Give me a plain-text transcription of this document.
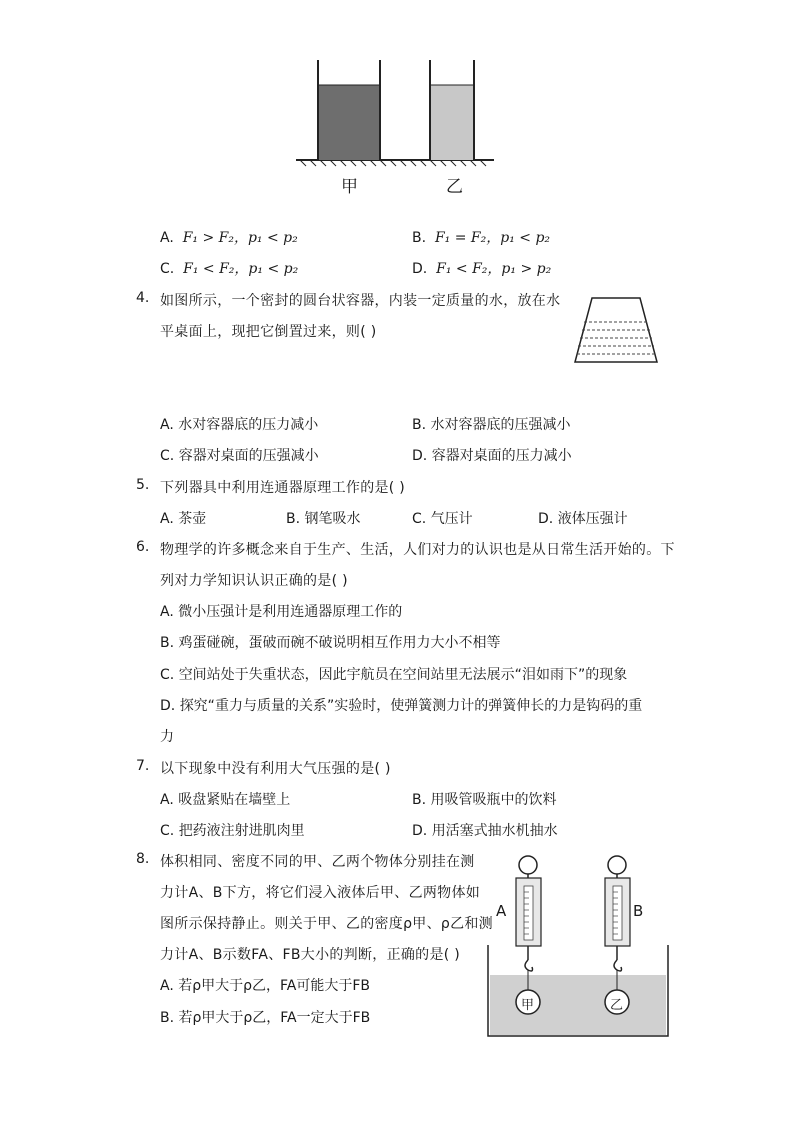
甲	乙
A. F₁ > F₂，p₁ < p₂	B. F₁ = F₂，p₁ < p₂
C. F₁ < F₂，p₁ < p₂	D. F₁ < F₂，p₁ > p₂
4. 如图所示，一个密封的圆台状容器，内装一定质量的水，放在水
平桌面上，现把它倒置过来，则( )
A. 水对容器底的压力减小	B. 水对容器底的压强减小
C. 容器对桌面的压强减小	D. 容器对桌面的压力减小
5. 下列器具中利用连通器原理工作的是( )
A. 茶壶	B. 钢笔吸水	C. 气压计	D. 液体压强计
6. 物理学的许多概念来自于生产、生活，人们对力的认识也是从日常生活开始的。下
列对力学知识认识正确的是( )
A. 微小压强计是利用连通器原理工作的
B. 鸡蛋碰碗，蛋破而碗不破说明相互作用力大小不相等
C. 空间站处于失重状态，因此宇航员在空间站里无法展示“泪如雨下”的现象
D. 探究“重力与质量的关系”实验时，使弹簧测力计的弹簧伸长的力是钩码的重
力
7. 以下现象中没有利用大气压强的是( )
A. 吸盘紧贴在墙壁上	B. 用吸管吸瓶中的饮料
C. 把药液注射进肌肉里	D. 用活塞式抽水机抽水
8. 体积相同、密度不同的甲、乙两个物体分别挂在测
力计A、B下方，将它们浸入液体后甲、乙两物体如
图所示保持静止。则关于甲、乙的密度ρ甲、ρ乙和测
力计A、B示数FA、FB大小的判断，正确的是( )
A. 若ρ甲大于ρ乙，FA可能大于FB
B. 若ρ甲大于ρ乙，FA一定大于FB
A	B
甲	乙
